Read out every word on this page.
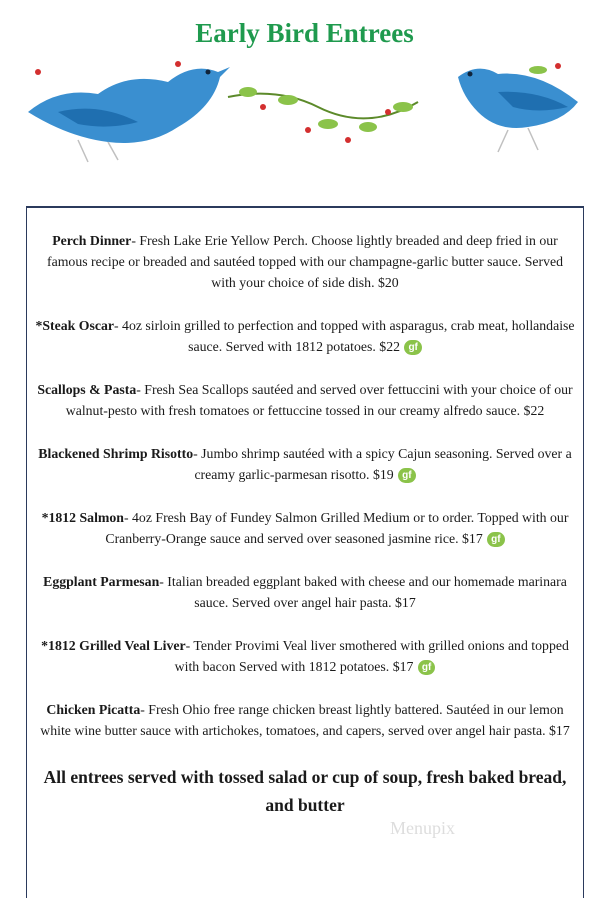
Early Bird Entrees
Perch Dinner- Fresh Lake Erie Yellow Perch. Choose lightly breaded and deep fried in our famous recipe or breaded and sautéed topped with our champagne-garlic butter sauce. Served with your choice of side dish. $20
*Steak Oscar- 4oz sirloin grilled to perfection and topped with asparagus, crab meat, hollandaise sauce. Served with 1812 potatoes. $22 gf
Scallops & Pasta- Fresh Sea Scallops sautéed and served over fettuccini with your choice of our walnut-pesto with fresh tomatoes or fettuccine tossed in our creamy alfredo sauce. $22
Blackened Shrimp Risotto- Jumbo shrimp sautéed with a spicy Cajun seasoning. Served over a creamy garlic-parmesan risotto. $19 gf
*1812 Salmon- 4oz Fresh Bay of Fundey Salmon Grilled Medium or to order. Topped with our Cranberry-Orange sauce and served over seasoned jasmine rice. $17 gf
Eggplant Parmesan- Italian breaded eggplant baked with cheese and our homemade marinara sauce. Served over angel hair pasta. $17
*1812 Grilled Veal Liver- Tender Provimi Veal liver smothered with grilled onions and topped with bacon Served with 1812 potatoes. $17 gf
Chicken Picatta- Fresh Ohio free range chicken breast lightly battered. Sautéed in our lemon white wine butter sauce with artichokes, tomatoes, and capers, served over angel hair pasta. $17
All entrees served with tossed salad or cup of soup, fresh baked bread, and butter
Menupix
